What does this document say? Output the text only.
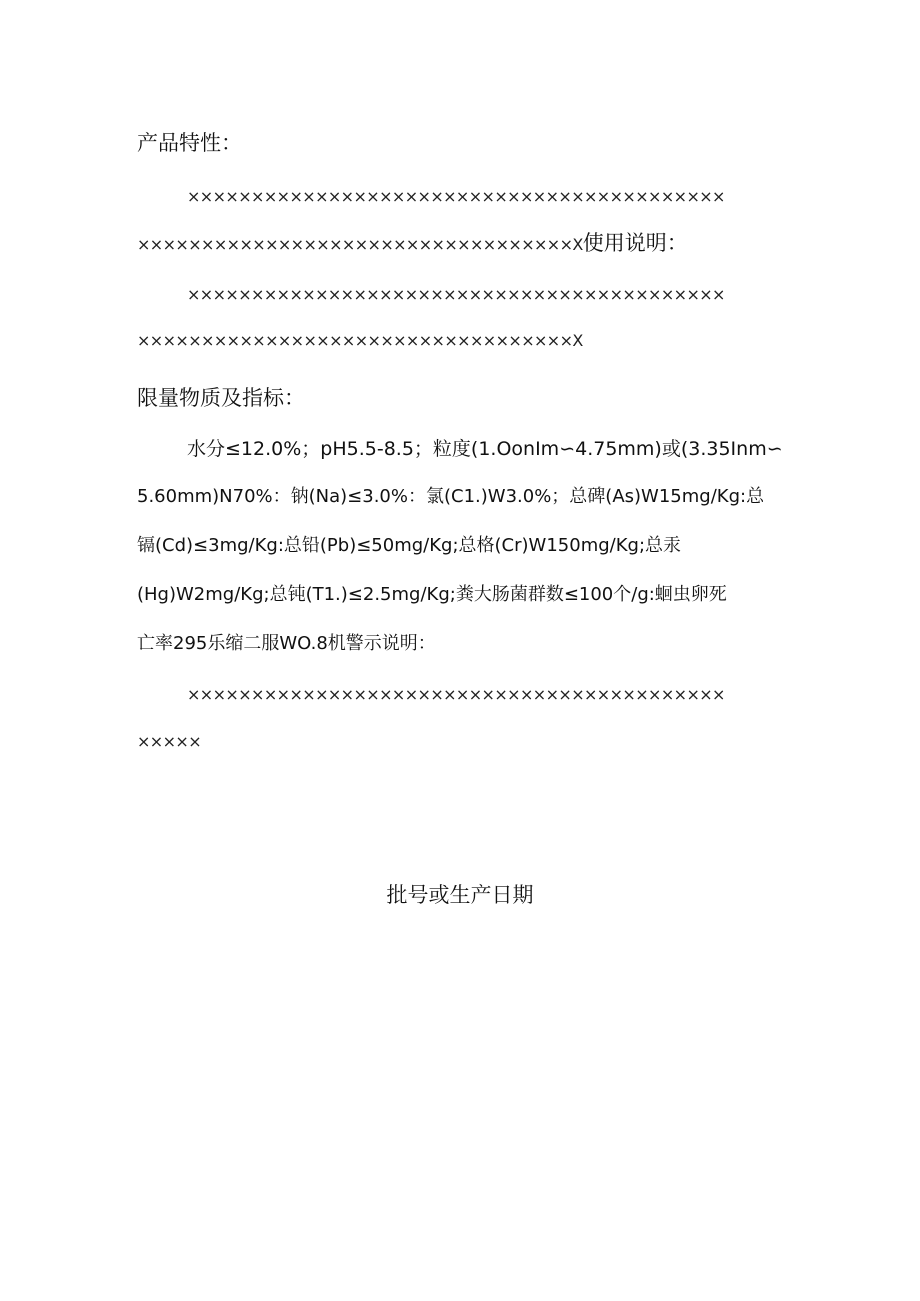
产品特性：
××××××××××××××××××××××××××××××××××××××××××
××××××××××××××××××××××××××××××××××X使用说明：
××××××××××××××××××××××××××××××××××××××××××
××××××××××××××××××××××××××××××××××X
限量物质及指标：
水分≤12.0%；pH5.5-8.5；粒度(1.OonIm∽4.75mm)或(3.35Inm∽
5.60mm)N70%：钠(Na)≤3.0%：氯(C1.)W3.0%；总碑(As)W15mg∕Kg:总
镉(Cd)≤3mg∕Kg:总铅(Pb)≤50mg∕Kg;总格(Cr)W150mg∕Kg;总汞
(Hg)W2mg∕Kg;总钝(T1.)≤2.5mg∕Kg;粪大肠菌群数≤100个/g:蛔虫卵死
亡率295乐缩二服WO.8机警示说明：
××××××××××××××××××××××××××××××××××××××××××
×××××
批号或生产日期
